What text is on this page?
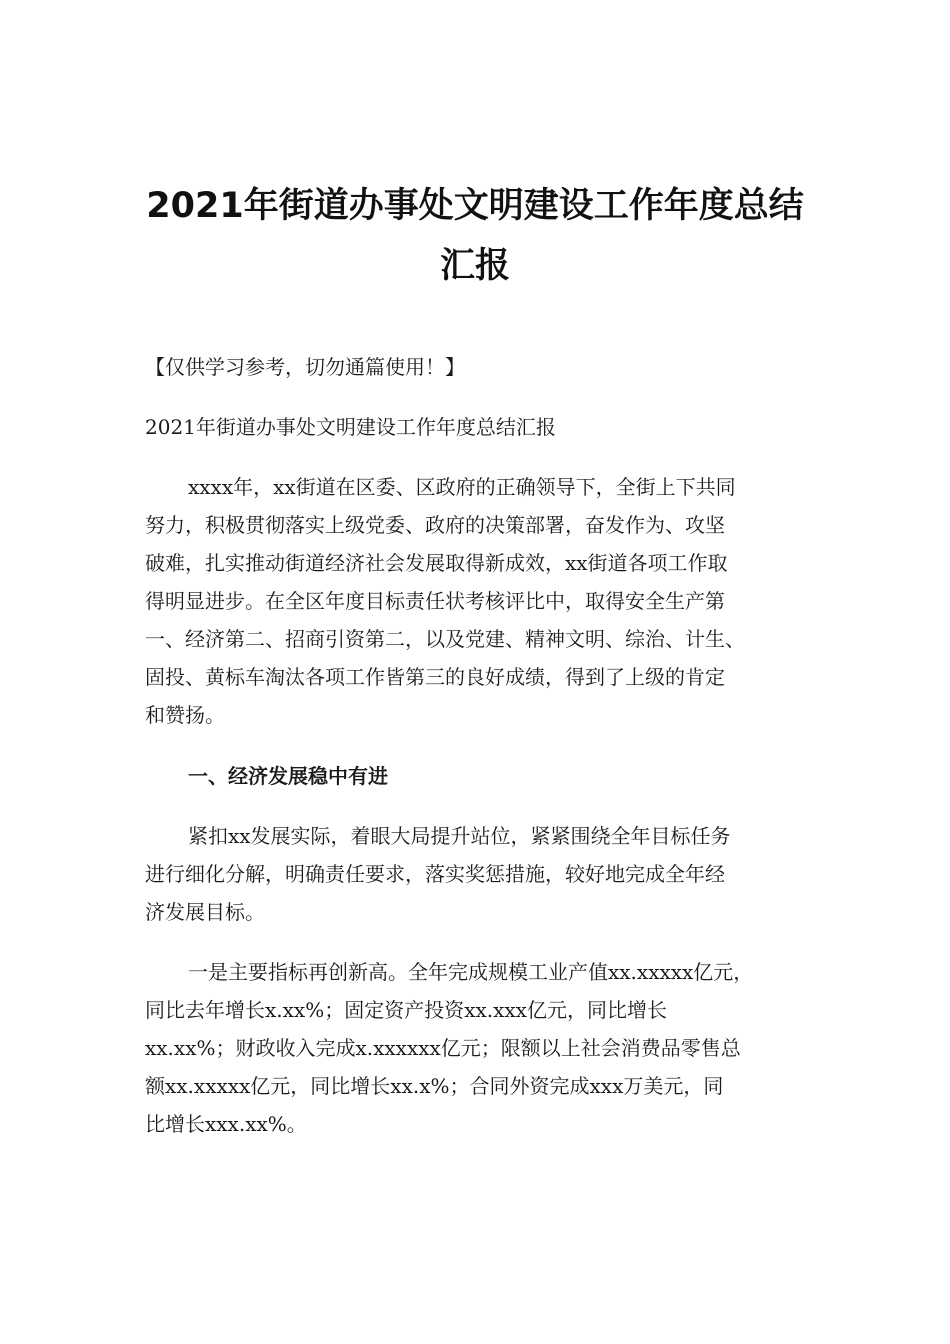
2021年街道办事处文明建设工作年度总结
汇报
【仅供学习参考，切勿通篇使用！】
2021年街道办事处文明建设工作年度总结汇报
xxxx年，xx街道在区委、区政府的正确领导下，全街上下共同
努力，积极贯彻落实上级党委、政府的决策部署，奋发作为、攻坚
破难，扎实推动街道经济社会发展取得新成效，xx街道各项工作取
得明显进步。在全区年度目标责任状考核评比中，取得安全生产第
一、经济第二、招商引资第二，以及党建、精神文明、综治、计生、
固投、黄标车淘汰各项工作皆第三的良好成绩，得到了上级的肯定
和赞扬。
一、经济发展稳中有进
紧扣xx发展实际，着眼大局提升站位，紧紧围绕全年目标任务
进行细化分解，明确责任要求，落实奖惩措施，较好地完成全年经
济发展目标。
一是主要指标再创新高。全年完成规模工业产值xx.xxxxx亿元，
同比去年增长x.xx%；固定资产投资xx.xxx亿元，同比增长
xx.xx%；财政收入完成x.xxxxxx亿元；限额以上社会消费品零售总
额xx.xxxxx亿元，同比增长xx.x%；合同外资完成xxx万美元，同
比增长xxx.xx%。
